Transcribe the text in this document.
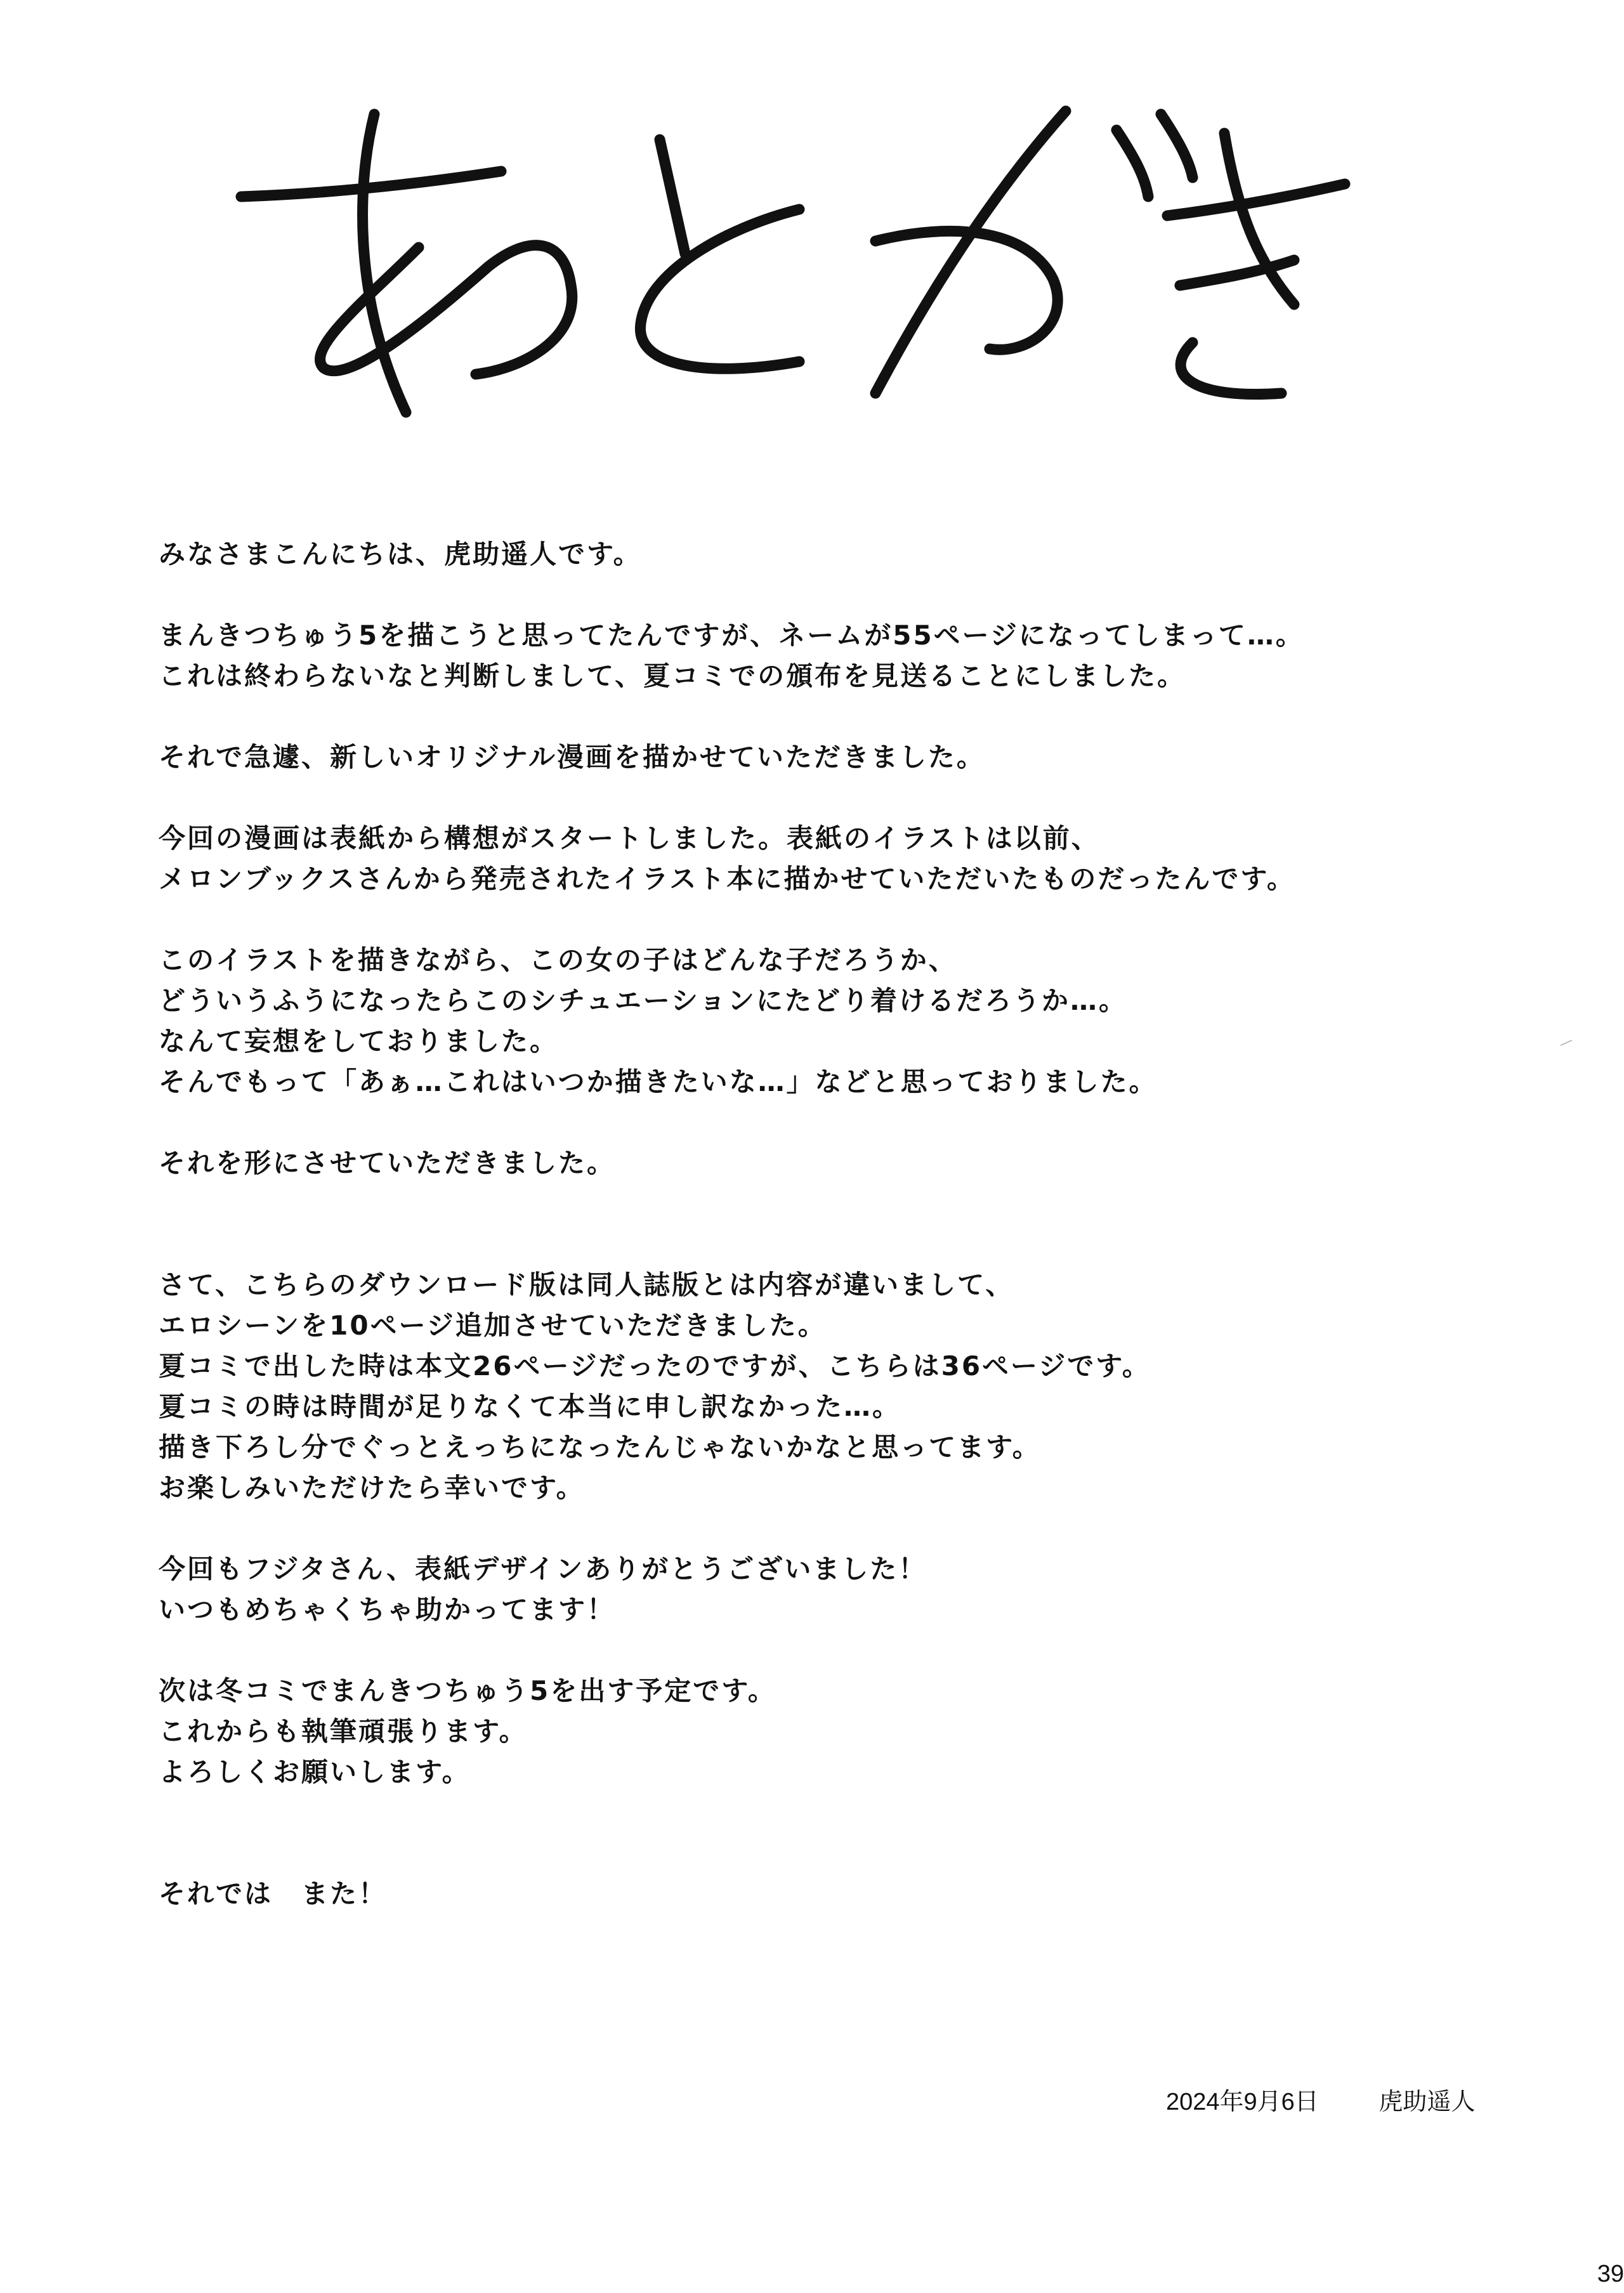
みなさまこんにちは、虎助遥人です。
まんきつちゅう5を描こうと思ってたんですが、ネームが55ページになってしまって…。
これは終わらないなと判断しまして、夏コミでの頒布を見送ることにしました。
それで急遽、新しいオリジナル漫画を描かせていただきました。
今回の漫画は表紙から構想がスタートしました。表紙のイラストは以前、
メロンブックスさんから発売されたイラスト本に描かせていただいたものだったんです。
このイラストを描きながら、この女の子はどんな子だろうか、
どういうふうになったらこのシチュエーションにたどり着けるだろうか…。
なんて妄想をしておりました。
そんでもって「あぁ…これはいつか描きたいな…」などと思っておりました。
それを形にさせていただきました。
さて、こちらのダウンロード版は同人誌版とは内容が違いまして、
エロシーンを10ページ追加させていただきました。
夏コミで出した時は本文26ページだったのですが、こちらは36ページです。
夏コミの時は時間が足りなくて本当に申し訳なかった…。
描き下ろし分でぐっとえっちになったんじゃないかなと思ってます。
お楽しみいただけたら幸いです。
今回もフジタさん、表紙デザインありがとうございました！
いつもめちゃくちゃ助かってます！
次は冬コミでまんきつちゅう5を出す予定です。
これからも執筆頑張ります。
よろしくお願いします。
それでは　また！
2024年9月6日 虎助遥人
39
